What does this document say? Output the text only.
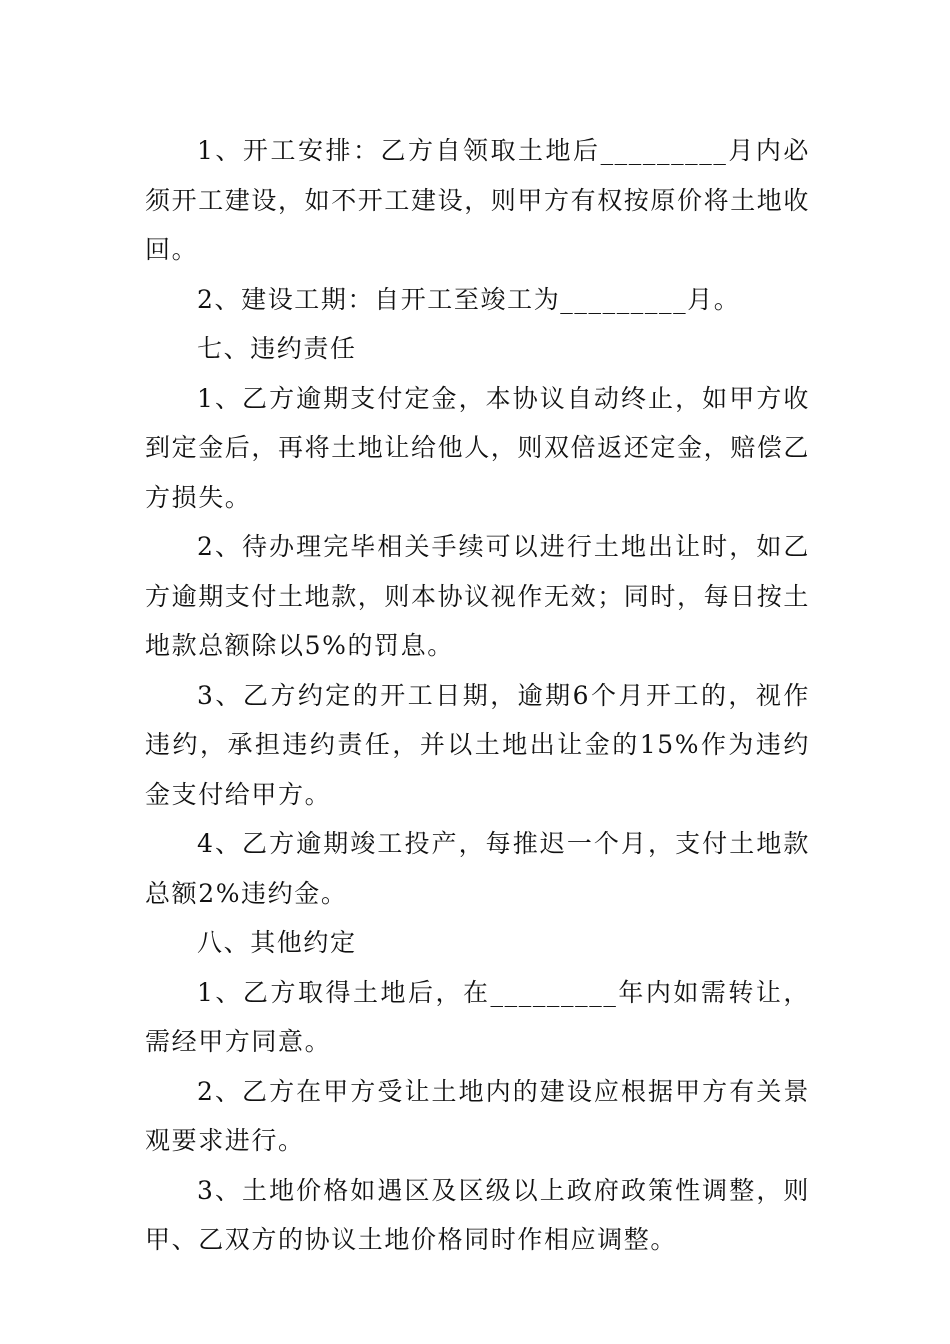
1、开工安排：乙方自领取土地后_________月内必须开工建设，如不开工建设，则甲方有权按原价将土地收回。

2、建设工期：自开工至竣工为_________月。

七、违约责任

1、乙方逾期支付定金，本协议自动终止，如甲方收到定金后，再将土地让给他人，则双倍返还定金，赔偿乙方损失。

2、待办理完毕相关手续可以进行土地出让时，如乙方逾期支付土地款，则本协议视作无效；同时，每日按土地款总额除以5%的罚息。

3、乙方约定的开工日期，逾期6个月开工的，视作违约，承担违约责任，并以土地出让金的15%作为违约金支付给甲方。

4、乙方逾期竣工投产，每推迟一个月，支付土地款总额2%违约金。

八、其他约定

1、乙方取得土地后，在_________年内如需转让，需经甲方同意。

2、乙方在甲方受让土地内的建设应根据甲方有关景观要求进行。

3、土地价格如遇区及区级以上政府政策性调整，则甲、乙双方的协议土地价格同时作相应调整。
